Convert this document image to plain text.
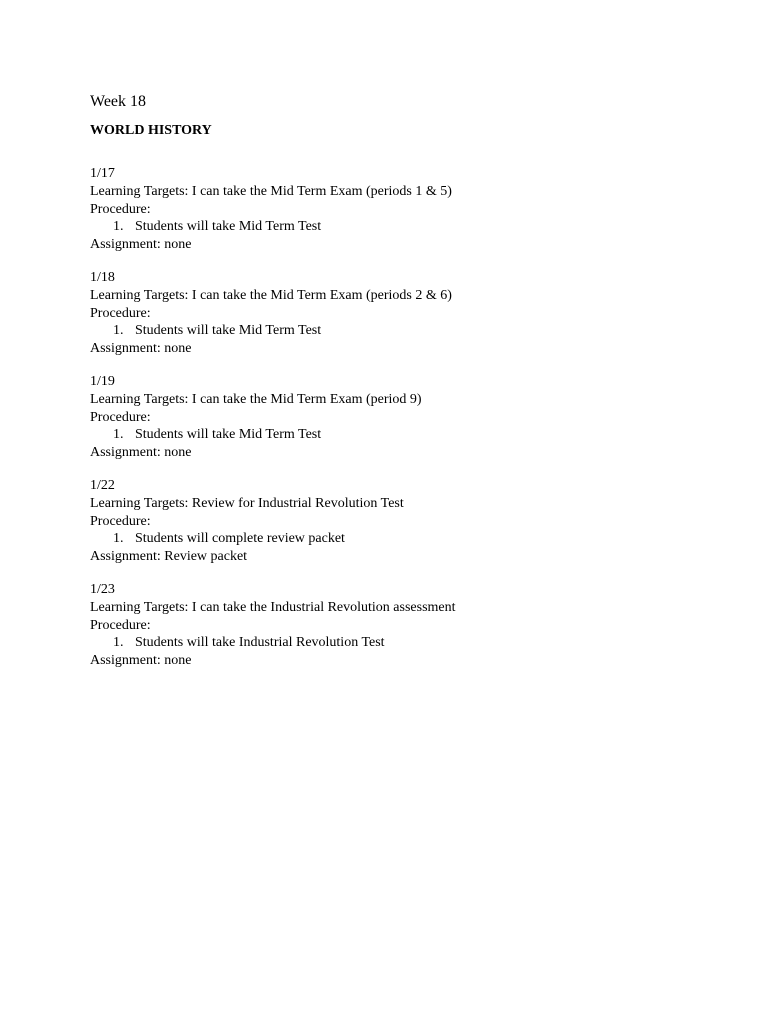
Week 18
WORLD HISTORY
1/17
Learning Targets: I can take the Mid Term Exam (periods 1 & 5)
Procedure:
1. Students will take Mid Term Test
Assignment: none
1/18
Learning Targets: I can take the Mid Term Exam (periods 2 & 6)
Procedure:
1. Students will take Mid Term Test
Assignment: none
1/19
Learning Targets: I can take the Mid Term Exam (period 9)
Procedure:
1. Students will take Mid Term Test
Assignment: none
1/22
Learning Targets: Review for Industrial Revolution Test
Procedure:
1. Students will complete review packet
Assignment: Review packet
1/23
Learning Targets: I can take the Industrial Revolution assessment
Procedure:
1. Students will take Industrial Revolution Test
Assignment: none
